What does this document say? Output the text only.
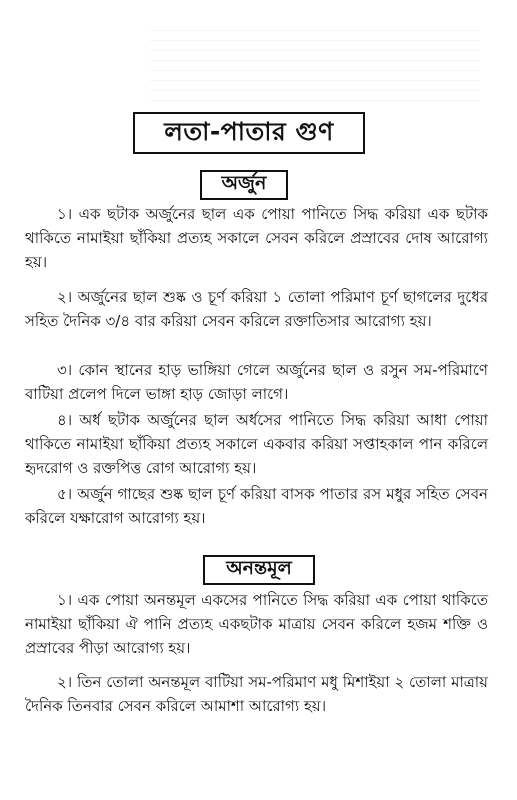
লতা-পাতার গুণ
অর্জুন

১। এক ছটাক অর্জুনের ছাল এক পোয়া পানিতে সিদ্ধ করিয়া এক ছটাক থাকিতে নামাইয়া ছাঁকিয়া প্রত্যহ সকালে সেবন করিলে প্রস্রাবের দোষ আরোগ্য হয়।

২। অর্জুনের ছাল শুষ্ক ও চূর্ণ করিয়া ১ তোলা পরিমাণ চূর্ণ ছাগলের দুধের সহিত দৈনিক ৩/৪ বার করিয়া সেবন করিলে রক্তাতিসার আরোগ্য হয়।

৩। কোন স্থানের হাড় ভাঙ্গিয়া গেলে অর্জুনের ছাল ও রসুন সম-পরিমাণে বাটিয়া প্রলেপ দিলে ভাঙ্গা হাড় জোড়া লাগে।

৪। অর্ধ ছটাক অর্জুনের ছাল অর্ধসের পানিতে সিদ্ধ করিয়া আধা পোয়া থাকিতে নামাইয়া ছাঁকিয়া প্রত্যহ সকালে একবার করিয়া সপ্তাহকাল পান করিলে হৃদরোগ ও রক্তপিত্ত রোগ আরোগ্য হয়।

৫। অর্জুন গাছের শুষ্ক ছাল চূর্ণ করিয়া বাসক পাতার রস মধুর সহিত সেবন করিলে যক্ষারোগ আরোগ্য হয়।

অনন্তমূল

১। এক পোয়া অনন্তমূল একসের পানিতে সিদ্ধ করিয়া এক পোয়া থাকিতে নামাইয়া ছাঁকিয়া ঐ পানি প্রত্যহ একছটাক মাত্রায় সেবন করিলে হজম শক্তি ও প্রস্রাবের পীড়া আরোগ্য হয়।

২। তিন তোলা অনন্তমূল বাটিয়া সম-পরিমাণ মধু মিশাইয়া ২ তোলা মাত্রায় দৈনিক তিনবার সেবন করিলে আমাশা আরোগ্য হয়।
